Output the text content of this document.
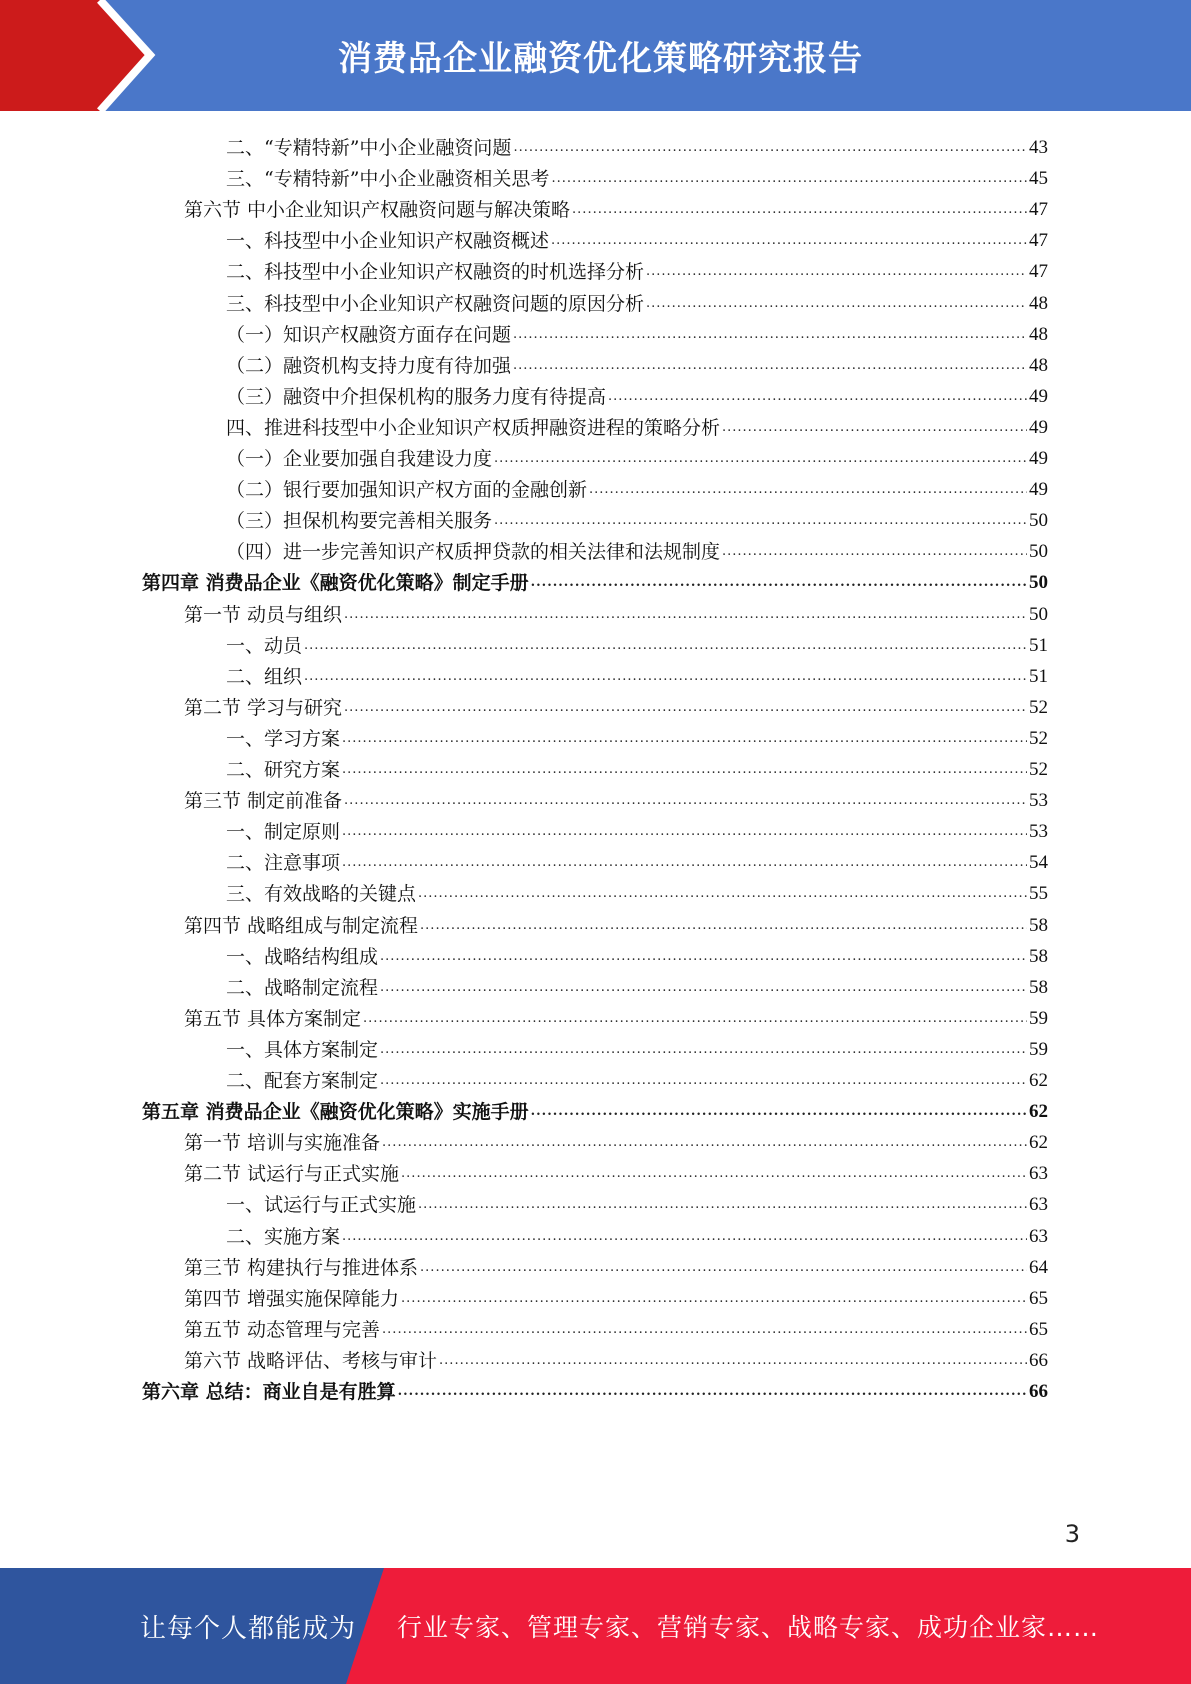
消费品企业融资优化策略研究报告
二、“专精特新”中小企业融资问题 .....	43
三、“专精特新”中小企业融资相关思考 .....	45
第六节 中小企业知识产权融资问题与解决策略 .....	47
一、科技型中小企业知识产权融资概述 .....	47
二、科技型中小企业知识产权融资的时机选择分析 .....	47
三、科技型中小企业知识产权融资问题的原因分析 .....	48
（一）知识产权融资方面存在问题 .....	48
（二）融资机构支持力度有待加强 .....	48
（三）融资中介担保机构的服务力度有待提高 .....	49
四、推进科技型中小企业知识产权质押融资进程的策略分析 .....	49
（一）企业要加强自我建设力度 .....	49
（二）银行要加强知识产权方面的金融创新 .....	49
（三）担保机构要完善相关服务 .....	50
（四）进一步完善知识产权质押贷款的相关法律和法规制度 .....	50
第四章 消费品企业《融资优化策略》制定手册 .....	50
第一节 动员与组织 .....	50
一、动员 .....	51
二、组织 .....	51
第二节 学习与研究 .....	52
一、学习方案 .....	52
二、研究方案 .....	52
第三节 制定前准备 .....	53
一、制定原则 .....	53
二、注意事项 .....	54
三、有效战略的关键点 .....	55
第四节 战略组成与制定流程 .....	58
一、战略结构组成 .....	58
二、战略制定流程 .....	58
第五节 具体方案制定 .....	59
一、具体方案制定 .....	59
二、配套方案制定 .....	62
第五章 消费品企业《融资优化策略》实施手册 .....	62
第一节 培训与实施准备 .....	62
第二节 试运行与正式实施 .....	63
一、试运行与正式实施 .....	63
二、实施方案 .....	63
第三节 构建执行与推进体系 .....	64
第四节 增强实施保障能力 .....	65
第五节 动态管理与完善 .....	65
第六节 战略评估、考核与审计 .....	66
第六章 总结：商业自是有胜算 .....	66
3
让每个人都能成为 行业专家、管理专家、营销专家、战略专家、成功企业家……
